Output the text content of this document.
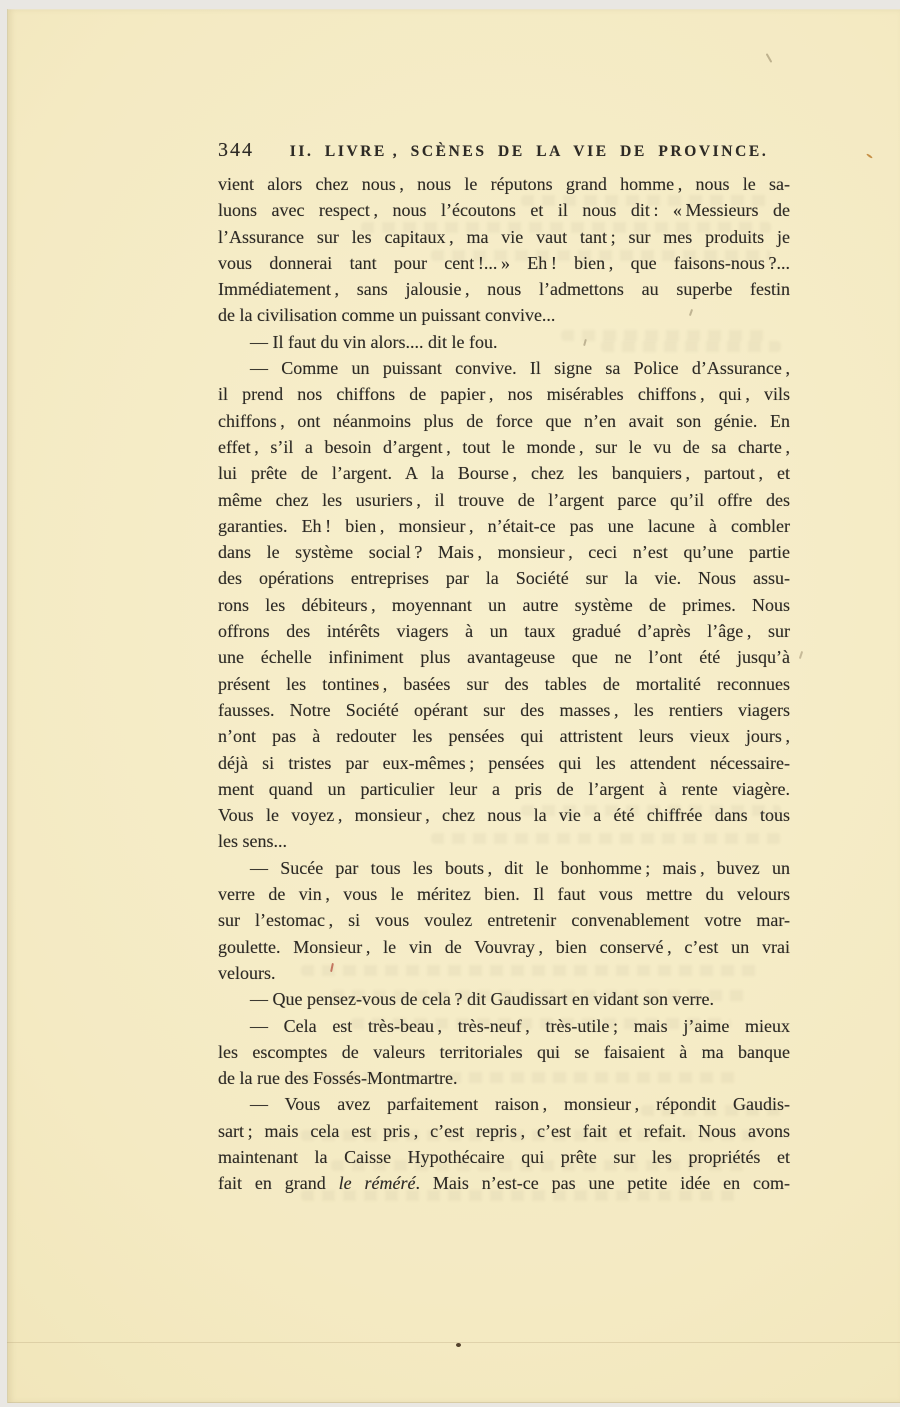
344	II. LIVRE , SCÈNES DE LA VIE DE PROVINCE.
vient alors chez nous , nous le réputons grand homme , nous le sa-
luons avec respect , nous l’écoutons et il nous dit : « Messieurs de
l’Assurance sur les capitaux , ma vie vaut tant ; sur mes produits je
vous donnerai tant pour cent !... » Eh ! bien , que faisons-nous ?...
Immédiatement , sans jalousie , nous l’admettons au superbe festin
de la civilisation comme un puissant convive...
— Il faut du vin alors.... dit le fou.
— Comme un puissant convive. Il signe sa Police d’Assurance ,
il prend nos chiffons de papier , nos misérables chiffons , qui , vils
chiffons , ont néanmoins plus de force que n’en avait son génie. En
effet , s’il a besoin d’argent , tout le monde , sur le vu de sa charte ,
lui prête de l’argent. A la Bourse , chez les banquiers , partout , et
même chez les usuriers , il trouve de l’argent parce qu’il offre des
garanties. Eh ! bien , monsieur , n’était-ce pas une lacune à combler
dans le système social ? Mais , monsieur , ceci n’est qu’une partie
des opérations entreprises par la Société sur la vie. Nous assu-
rons les débiteurs , moyennant un autre système de primes. Nous
offrons des intérêts viagers à un taux gradué d’après l’âge , sur
une échelle infiniment plus avantageuse que ne l’ont été jusqu’à
présent les tontines , basées sur des tables de mortalité reconnues
fausses. Notre Société opérant sur des masses , les rentiers viagers
n’ont pas à redouter les pensées qui attristent leurs vieux jours ,
déjà si tristes par eux-mêmes ; pensées qui les attendent nécessaire-
ment quand un particulier leur a pris de l’argent à rente viagère.
Vous le voyez , monsieur , chez nous la vie a été chiffrée dans tous
les sens...
— Sucée par tous les bouts , dit le bonhomme ; mais , buvez un
verre de vin , vous le méritez bien. Il faut vous mettre du velours
sur l’estomac , si vous voulez entretenir convenablement votre mar-
goulette. Monsieur , le vin de Vouvray , bien conservé , c’est un vrai
velours.
— Que pensez-vous de cela ? dit Gaudissart en vidant son verre.
— Cela est très-beau , très-neuf , très-utile ; mais j’aime mieux
les escomptes de valeurs territoriales qui se faisaient à ma banque
de la rue des Fossés-Montmartre.
— Vous avez parfaitement raison , monsieur , répondit Gaudis-
sart ; mais cela est pris , c’est repris , c’est fait et refait. Nous avons
maintenant la Caisse Hypothécaire qui prête sur les propriétés et
fait en grand le réméré. Mais n’est-ce pas une petite idée en com-
